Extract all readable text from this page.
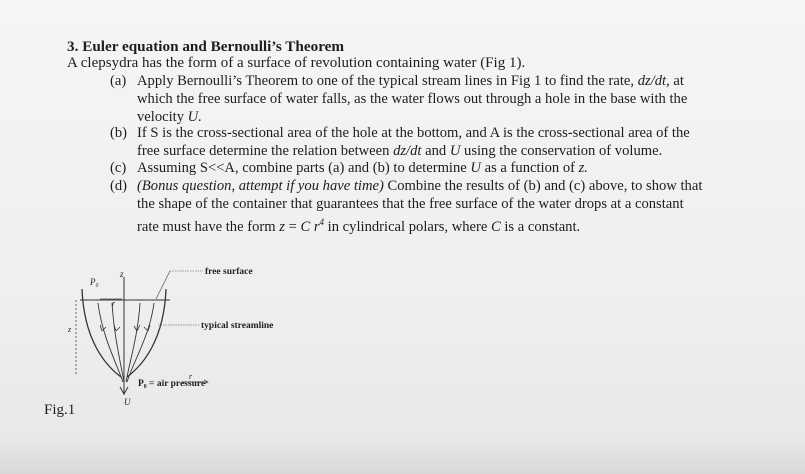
3. Euler equation and Bernoulli’s Theorem
A clepsydra has the form of a surface of revolution containing water (Fig 1).
(a) Apply Bernoulli’s Theorem to one of the typical stream lines in Fig 1 to find the rate, dz/dt, at
which the free surface of water falls, as the water flows out through a hole in the base with the
velocity U.
(b) If S is the cross-sectional area of the hole at the bottom, and A is the cross-sectional area of the
free surface determine the relation between dz/dt and U using the conservation of volume.
(c) Assuming S<<A, combine parts (a) and (b) to determine U as a function of z.
(d) (Bonus question, attempt if you have time) Combine the results of (b) and (c) above, to show that
the shape of the container that guarantees that the free surface of the water drops at a constant
rate must have the form z = C $r^4$ in cylindrical polars, where C is a constant.
P₀
z
r
z
free surface
typical streamline
P₀ = air pressure
r
U
Fig.1
